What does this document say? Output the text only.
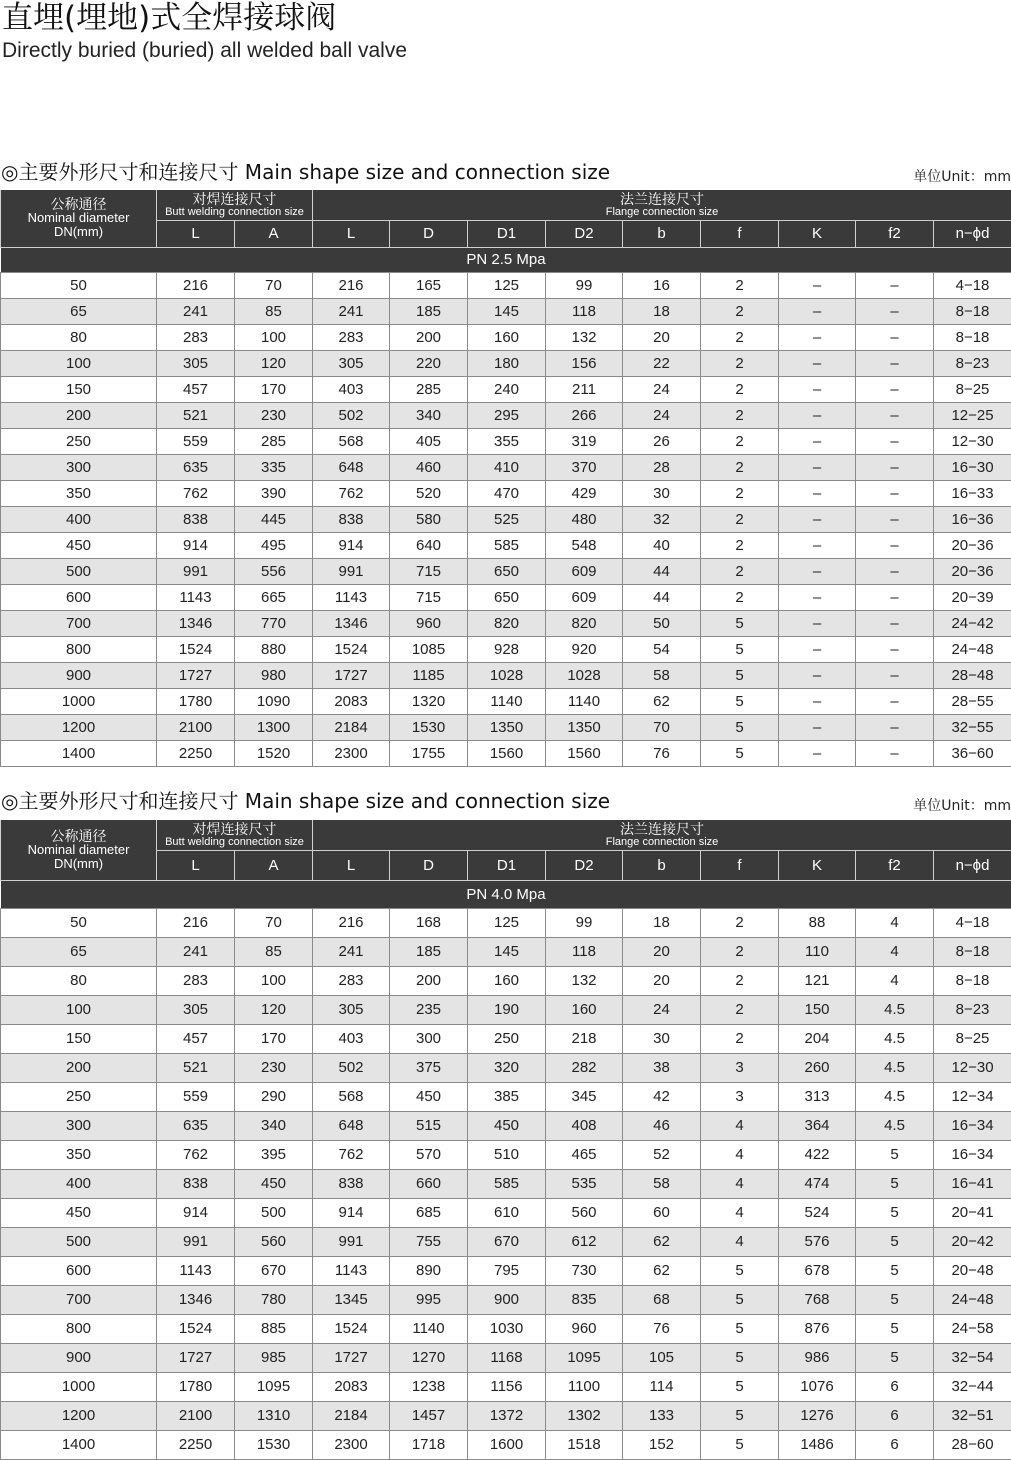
直埋(埋地)式全焊接球阀
Directly buried (buried) all welded ball valve
◎主要外形尺寸和连接尺寸 Main shape size and connection size	单位Unit：mm
公称通径
Nominal diameter
DN(mm)	对焊连接尺寸
Butt welding connection size		法兰连接尺寸
Flange connection size								

	L	A	L	D	D1	D2	b	f	K	f2	n−ϕd
PN 2.5 Mpa											
50	216	70	216	165	125	99	16	2	–	–	4−18
65	241	85	241	185	145	118	18	2	–	–	8−18
80	283	100	283	200	160	132	20	2	–	–	8−18
100	305	120	305	220	180	156	22	2	–	–	8−23
150	457	170	403	285	240	211	24	2	–	–	8−25
200	521	230	502	340	295	266	24	2	–	–	12−25
250	559	285	568	405	355	319	26	2	–	–	12−30
300	635	335	648	460	410	370	28	2	–	–	16−30
350	762	390	762	520	470	429	30	2	–	–	16−33
400	838	445	838	580	525	480	32	2	–	–	16−36
450	914	495	914	640	585	548	40	2	–	–	20−36
500	991	556	991	715	650	609	44	2	–	–	20−36
600	1143	665	1143	715	650	609	44	2	–	–	20−39
700	1346	770	1346	960	820	820	50	5	–	–	24−42
800	1524	880	1524	1085	928	920	54	5	–	–	24−48
900	1727	980	1727	1185	1028	1028	58	5	–	–	28−48
1000	1780	1090	2083	1320	1140	1140	62	5	–	–	28−55
1200	2100	1300	2184	1530	1350	1350	70	5	–	–	32−55
1400	2250	1520	2300	1755	1560	1560	76	5	–	–	36−60
◎主要外形尺寸和连接尺寸 Main shape size and connection size	单位Unit：mm
公称通径
Nominal diameter
DN(mm)	对焊连接尺寸
Butt welding connection size		法兰连接尺寸
Flange connection size								

	L	A	L	D	D1	D2	b	f	K	f2	n−ϕd
PN 4.0 Mpa											
50	216	70	216	168	125	99	18	2	88	4	4−18
65	241	85	241	185	145	118	20	2	110	4	8−18
80	283	100	283	200	160	132	20	2	121	4	8−18
100	305	120	305	235	190	160	24	2	150	4.5	8−23
150	457	170	403	300	250	218	30	2	204	4.5	8−25
200	521	230	502	375	320	282	38	3	260	4.5	12−30
250	559	290	568	450	385	345	42	3	313	4.5	12−34
300	635	340	648	515	450	408	46	4	364	4.5	16−34
350	762	395	762	570	510	465	52	4	422	5	16−34
400	838	450	838	660	585	535	58	4	474	5	16−41
450	914	500	914	685	610	560	60	4	524	5	20−41
500	991	560	991	755	670	612	62	4	576	5	20−42
600	1143	670	1143	890	795	730	62	5	678	5	20−48
700	1346	780	1345	995	900	835	68	5	768	5	24−48
800	1524	885	1524	1140	1030	960	76	5	876	5	24−58
900	1727	985	1727	1270	1168	1095	105	5	986	5	32−54
1000	1780	1095	2083	1238	1156	1100	114	5	1076	6	32−44
1200	2100	1310	2184	1457	1372	1302	133	5	1276	6	32−51
1400	2250	1530	2300	1718	1600	1518	152	5	1486	6	28−60
